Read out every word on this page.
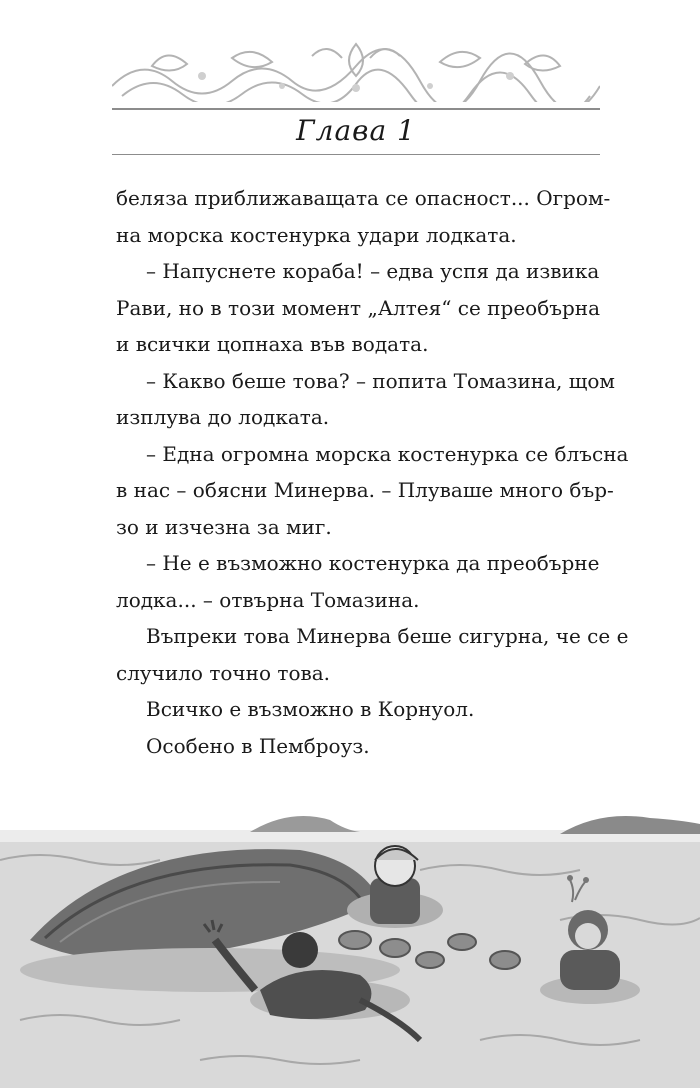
Глава 1

беляза приближаващата се опасност... Огром-

на морска костенурка удари лодката.

– Напуснете кораба! – едва успя да извика

Рави, но в този момент „Алтея“ се преобърна

и всички цопнаха във водата.

– Какво беше това? – попита Томазина, щом

изплува до лодката.

– Една огромна морска костенурка се блъсна

в нас – обясни Минерва. – Плуваше много бър-

зо и изчезна за миг.

– Не е възможно костенурка да преобърне

лодка... – отвърна Томазина.

Въпреки това Минерва беше сигурна, че се е

случило точно това.

Всичко е възможно в Корнуол.

Особено в Пемброуз.
